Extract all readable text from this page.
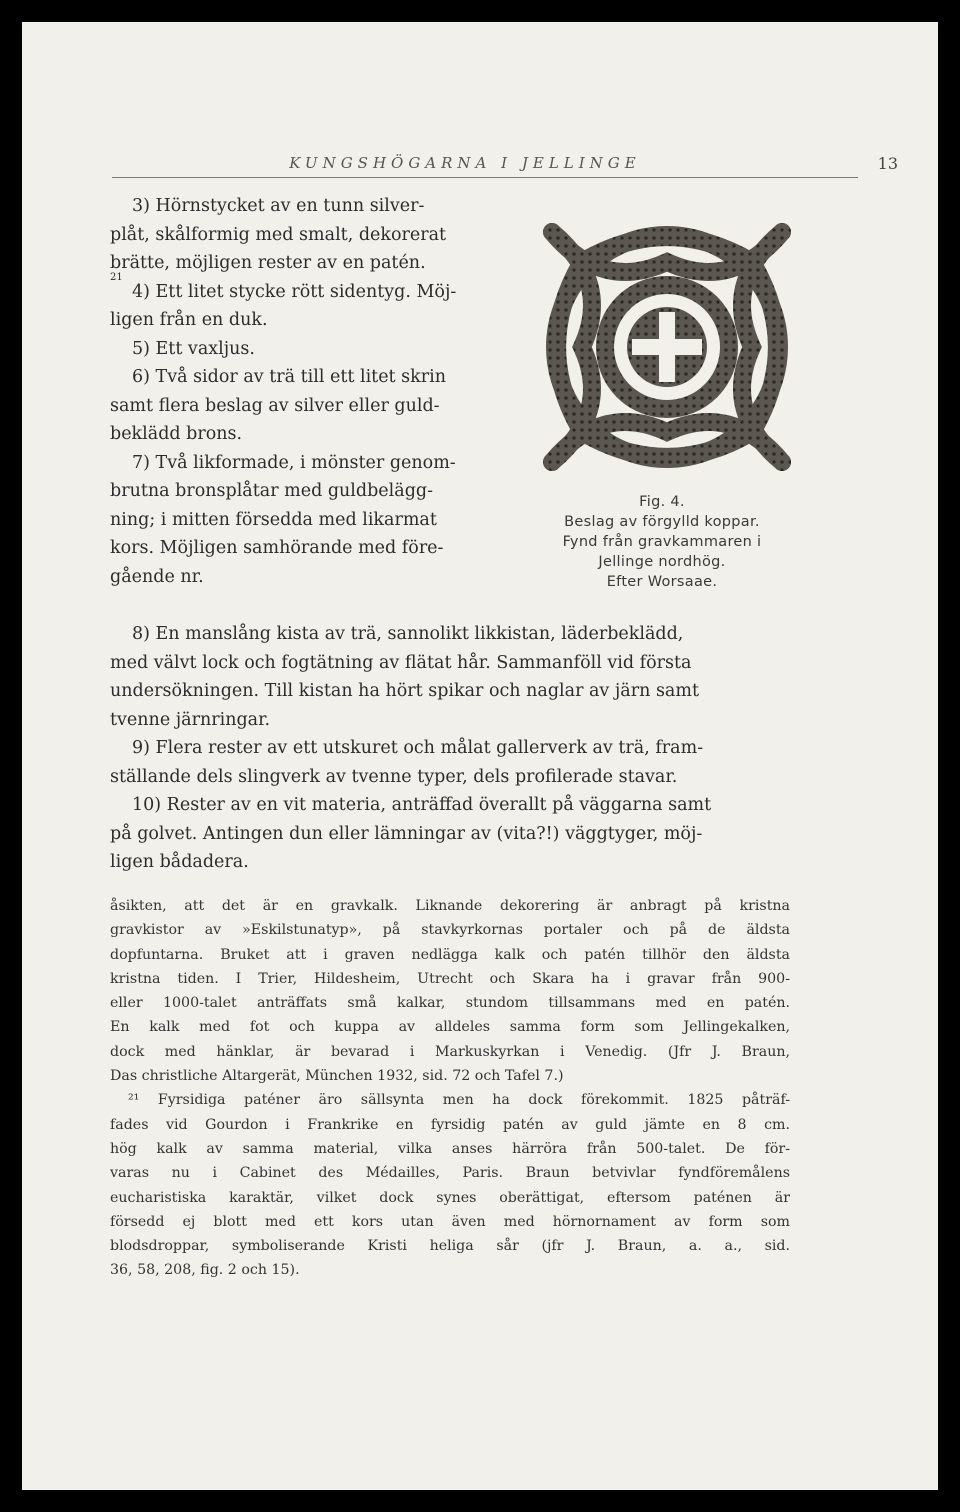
KUNGSHÖGARNA I JELLINGE	13
3) Hörnstycket av en tunn silver-
plåt, skålformig med smalt, dekorerat
brätte, möjligen rester av en patén.
21
4) Ett litet stycke rött sidentyg. Möj-
ligen från en duk.
5) Ett vaxljus.
6) Två sidor av trä till ett litet skrin
samt flera beslag av silver eller guld-
beklädd brons.
7) Två likformade, i mönster genom-
brutna bronsplåtar med guldbelägg-
ning; i mitten försedda med likarmat
kors. Möjligen samhörande med före-
gående nr.
Fig. 4.
Beslag av förgylld koppar.
Fynd från gravkammaren i
Jellinge nordhög.
Efter Worsaae.
8) En manslång kista av trä, sannolikt likkistan, läderbeklädd,
med välvt lock och fogtätning av flätat hår. Sammanföll vid första
undersökningen. Till kistan ha hört spikar och naglar av järn samt
tvenne järnringar.
9) Flera rester av ett utskuret och målat gallerverk av trä, fram-
ställande dels slingverk av tvenne typer, dels profilerade stavar.
10) Rester av en vit materia, anträffad överallt på väggarna samt
på golvet. Antingen dun eller lämningar av (vita?!) väggtyger, möj-
ligen bådadera.
åsikten, att det är en gravkalk. Liknande dekorering är anbragt på kristna
gravkistor av »Eskilstunatyp», på stavkyrkornas portaler och på de äldsta
dopfuntarna. Bruket att i graven nedlägga kalk och patén tillhör den äldsta
kristna tiden. I Trier, Hildesheim, Utrecht och Skara ha i gravar från 900-
eller 1000-talet anträffats små kalkar, stundom tillsammans med en patén.
En kalk med fot och kuppa av alldeles samma form som Jellingekalken,
dock med hänklar, är bevarad i Markuskyrkan i Venedig. (Jfr J. Braun,
Das christliche Altargerät, München 1932, sid. 72 och Tafel 7.)
²¹ Fyrsidiga paténer äro sällsynta men ha dock förekommit. 1825 påträf-
fades vid Gourdon i Frankrike en fyrsidig patén av guld jämte en 8 cm.
hög kalk av samma material, vilka anses härröra från 500-talet. De för-
varas nu i Cabinet des Médailles, Paris. Braun betvivlar fyndföremålens
eucharistiska karaktär, vilket dock synes oberättigat, eftersom paténen är
försedd ej blott med ett kors utan även med hörnornament av form som
blodsdroppar, symboliserande Kristi heliga sår (jfr J. Braun, a. a., sid.
36, 58, 208, fig. 2 och 15).
